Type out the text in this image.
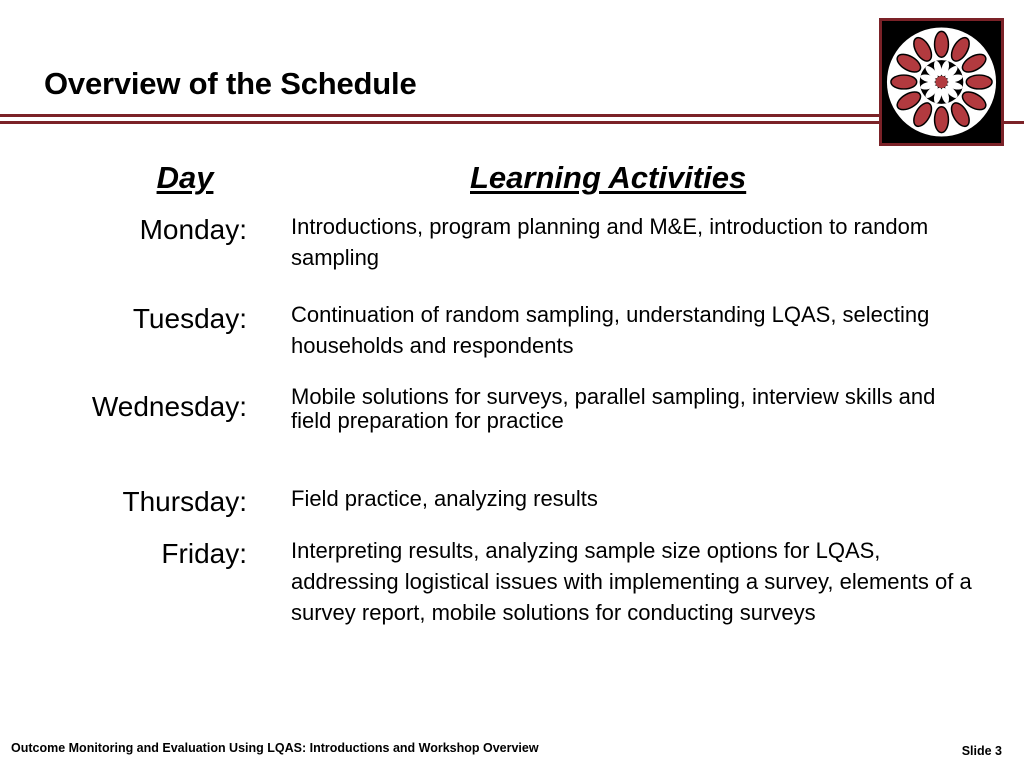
Overview of the Schedule
Day	Learning Activities
Monday: Introductions, program planning and M&E, introduction to random sampling
Tuesday: Continuation of random sampling, understanding LQAS, selecting households and respondents
Wednesday: Mobile solutions for surveys, parallel sampling, interview skills and field preparation for practice
Thursday: Field practice, analyzing results
Friday: Interpreting results, analyzing sample size options for LQAS, addressing logistical issues with implementing a survey, elements of a survey report, mobile solutions for conducting surveys
Outcome Monitoring and Evaluation Using LQAS: Introductions and Workshop Overview	Slide 3
